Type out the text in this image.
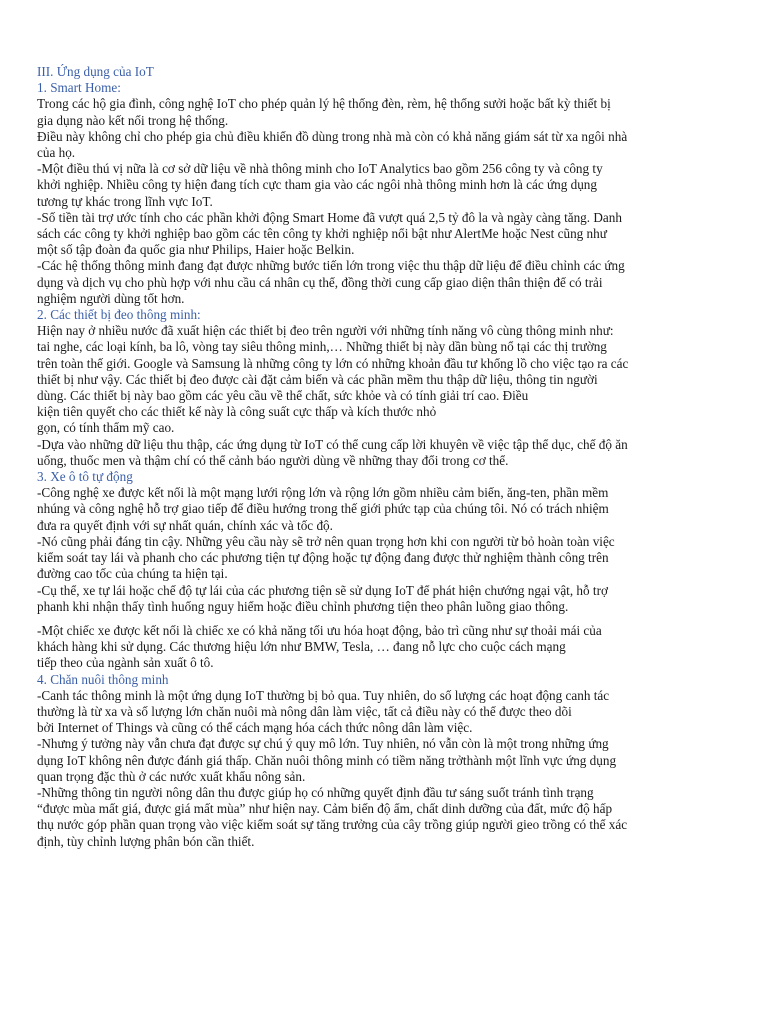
III. Ứng dụng của IoT
1. Smart Home:
Trong các hộ gia đình, công nghệ IoT cho phép quản lý hệ thống đèn, rèm, hệ thống sưởi hoặc bất kỳ thiết bị
gia dụng nào kết nối trong hệ thống.
Điều này không chỉ cho phép gia chủ điều khiển đồ dùng trong nhà mà còn có khả năng giám sát từ xa ngôi nhà
của họ.
-Một điều thú vị nữa là cơ sở dữ liệu về nhà thông minh cho IoT Analytics bao gồm 256 công ty và công ty
khởi nghiệp. Nhiều công ty hiện đang tích cực tham gia vào các ngôi nhà thông minh hơn là các ứng dụng
tương tự khác trong lĩnh vực IoT.
-Số tiền tài trợ ước tính cho các phần khởi động Smart Home đã vượt quá 2,5 tỷ đô la và ngày càng tăng. Danh
sách các công ty khởi nghiệp bao gồm các tên công ty khởi nghiệp nổi bật như AlertMe hoặc Nest cũng như
một số tập đoàn đa quốc gia như Philips, Haier hoặc Belkin.
-Các hệ thống thông minh đang đạt được những bước tiến lớn trong việc thu thập dữ liệu để điều chỉnh các ứng
dụng và dịch vụ cho phù hợp với nhu cầu cá nhân cụ thể, đồng thời cung cấp giao diện thân thiện để có trải
nghiệm người dùng tốt hơn.
2. Các thiết bị đeo thông minh:
Hiện nay ở nhiều nước đã xuất hiện các thiết bị đeo trên người với những tính năng vô cùng thông minh như:
tai nghe, các loại kính, ba lô, vòng tay siêu thông minh,… Những thiết bị này dần bùng nổ tại các thị trường
trên toàn thế giới. Google và Samsung là những công ty lớn có những khoản đầu tư khổng lồ cho việc tạo ra các
thiết bị như vậy. Các thiết bị đeo được cài đặt cảm biến và các phần mềm thu thập dữ liệu, thông tin người
dùng. Các thiết bị này bao gồm các yêu cầu về thể chất, sức khỏe và có tính giải trí cao. Điều
kiện tiên quyết cho các thiết kế này là công suất cực thấp và kích thước nhỏ
gọn, có tính thẩm mỹ cao.
-Dựa vào những dữ liệu thu thập, các ứng dụng từ IoT có thể cung cấp lời khuyên về việc tập thể dục, chế độ ăn
uống, thuốc men và thậm chí có thể cảnh báo người dùng về những thay đổi trong cơ thể.
3. Xe ô tô tự động
-Công nghệ xe được kết nối là một mạng lưới rộng lớn và rộng lớn gồm nhiều cảm biến, ăng-ten, phần mềm
nhúng và công nghệ hỗ trợ giao tiếp để điều hướng trong thế giới phức tạp của chúng tôi. Nó có trách nhiệm
đưa ra quyết định với sự nhất quán, chính xác và tốc độ.
-Nó cũng phải đáng tin cậy. Những yêu cầu này sẽ trở nên quan trọng hơn khi con người từ bỏ hoàn toàn việc
kiểm soát tay lái và phanh cho các phương tiện tự động hoặc tự động đang được thử nghiệm thành công trên
đường cao tốc của chúng ta hiện tại.
-Cụ thể, xe tự lái hoặc chế độ tự lái của các phương tiện sẽ sử dụng IoT để phát hiện chướng ngại vật, hỗ trợ
phanh khi nhận thấy tình huống nguy hiểm hoặc điều chỉnh phương tiện theo phân luồng giao thông.
-Một chiếc xe được kết nối là chiếc xe có khả năng tối ưu hóa hoạt động, bảo trì cũng như sự thoải mái của
khách hàng khi sử dụng. Các thương hiệu lớn như BMW, Tesla, … đang nỗ lực cho cuộc cách mạng
tiếp theo của ngành sản xuất ô tô.
4. Chăn nuôi thông minh
-Canh tác thông minh là một ứng dụng IoT thường bị bỏ qua. Tuy nhiên, do số lượng các hoạt động canh tác
thường là từ xa và số lượng lớn chăn nuôi mà nông dân làm việc, tất cả điều này có thể được theo dõi
bởi Internet of Things và cũng có thể cách mạng hóa cách thức nông dân làm việc.
-Nhưng ý tưởng này vẫn chưa đạt được sự chú ý quy mô lớn. Tuy nhiên, nó vẫn còn là một trong những ứng
dụng IoT không nên được đánh giá thấp. Chăn nuôi thông minh có tiềm năng trởthành một lĩnh vực ứng dụng
quan trọng đặc thù ở các nước xuất khẩu nông sản.
-Những thông tin người nông dân thu được giúp họ có những quyết định đầu tư sáng suốt tránh tình trạng
“được mùa mất giá, được giá mất mùa” như hiện nay. Cảm biến độ ẩm, chất dinh dưỡng của đất, mức độ hấp
thụ nước góp phần quan trọng vào việc kiểm soát sự tăng trưởng của cây trồng giúp người gieo trồng có thể xác
định, tùy chỉnh lượng phân bón cần thiết.
